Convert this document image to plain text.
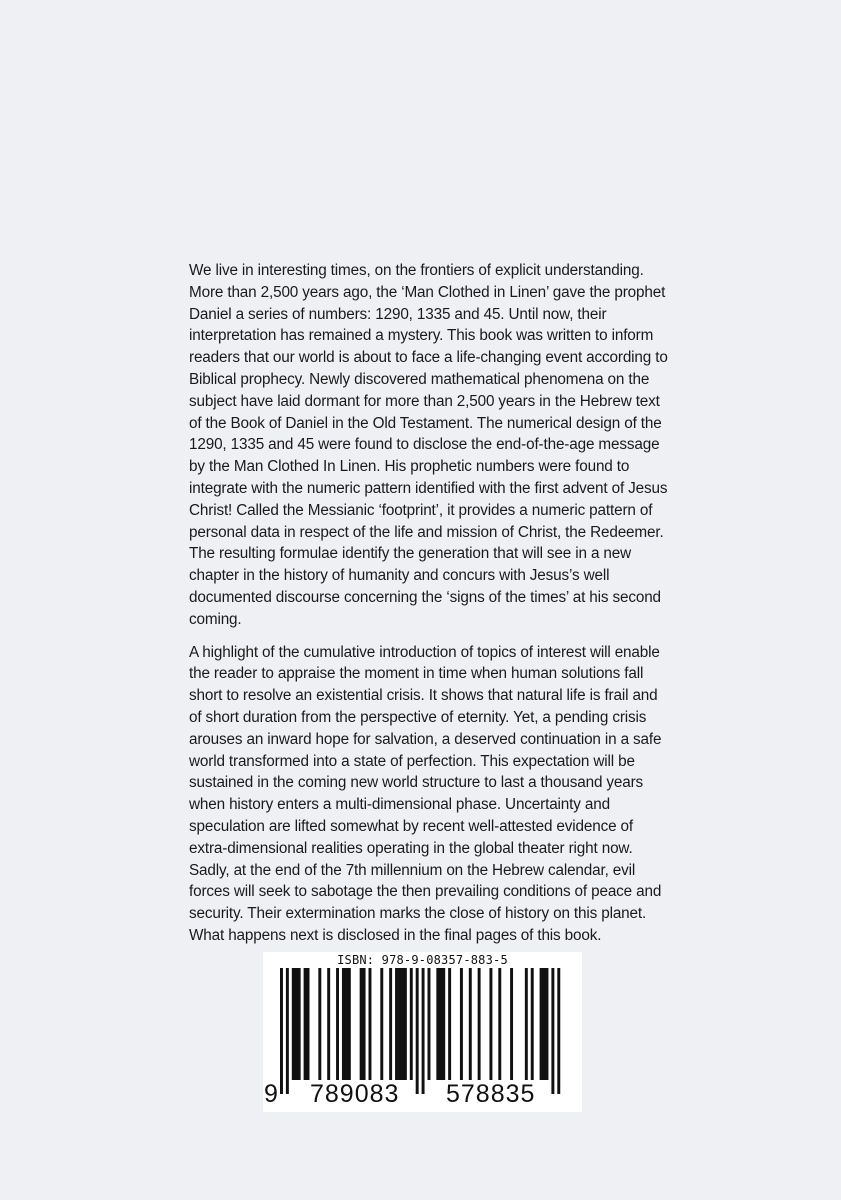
We live in interesting times, on the frontiers of explicit understanding. More than 2,500 years ago, the ‘Man Clothed in Linen’ gave the prophet Daniel a series of numbers: 1290, 1335 and 45. Until now, their interpretation has remained a mystery. This book was written to inform readers that our world is about to face a life-changing event according to Biblical prophecy. Newly discovered mathematical phenomena on the subject have laid dormant for more than 2,500 years in the Hebrew text of the Book of Daniel in the Old Testament. The numerical design of the 1290, 1335 and 45 were found to disclose the end-of-the-age message by the Man Clothed In Linen. His prophetic numbers were found to integrate with the numeric pattern identified with the first advent of Jesus Christ! Called the Messianic ‘footprint’, it provides a numeric pattern of personal data in respect of the life and mission of Christ, the Redeemer. The resulting formulae identify the generation that will see in a new chapter in the history of humanity and concurs with Jesus’s well documented discourse concerning the ‘signs of the times’ at his second coming.

A highlight of the cumulative introduction of topics of interest will enable the reader to appraise the moment in time when human solutions fall short to resolve an existential crisis. It shows that natural life is frail and of short duration from the perspective of eternity. Yet, a pending crisis arouses an inward hope for salvation, a deserved continuation in a safe world transformed into a state of perfection. This expectation will be sustained in the coming new world structure to last a thousand years when history enters a multi-dimensional phase. Uncertainty and speculation are lifted somewhat by recent well-attested evidence of extra-dimensional realities operating in the global theater right now. Sadly, at the end of the 7th millennium on the Hebrew calendar, evil forces will seek to sabotage the then prevailing conditions of peace and security. Their extermination marks the close of history on this planet. What happens next is disclosed in the final pages of this book.

ISBN: 978-9-08357-883-5
9 789083 578835
